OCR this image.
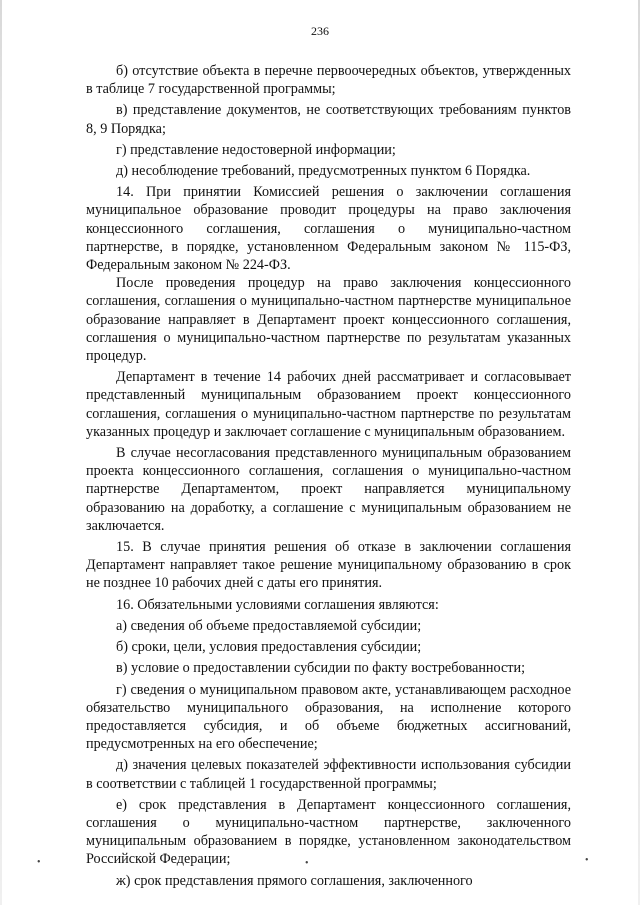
236

б) отсутствие объекта в перечне первоочередных объектов, утвержденных в таблице 7 государственной программы;

в) представление документов, не соответствующих требованиям пунктов 8, 9 Порядка;

г) представление недостоверной информации;

д) несоблюдение требований, предусмотренных пунктом 6 Порядка.

14. При принятии Комиссией решения о заключении соглашения муниципальное образование проводит процедуры на право заключения концессионного соглашения, соглашения о муниципально-частном партнерстве, в порядке, установленном Федеральным законом № 115-ФЗ, Федеральным законом № 224-ФЗ.

После проведения процедур на право заключения концессионного соглашения, соглашения о муниципально-частном партнерстве муниципальное образование направляет в Департамент проект концессионного соглашения, соглашения о муниципально-частном партнерстве по результатам указанных процедур.

Департамент в течение 14 рабочих дней рассматривает и согласовывает представленный муниципальным образованием проект концессионного соглашения, соглашения о муниципально-частном партнерстве по результатам указанных процедур и заключает соглашение с муниципальным образованием.

В случае несогласования представленного муниципальным образованием проекта концессионного соглашения, соглашения о муниципально-частном партнерстве Департаментом, проект направляется муниципальному образованию на доработку, а соглашение с муниципальным образованием не заключается.

15. В случае принятия решения об отказе в заключении соглашения Департамент направляет такое решение муниципальному образованию в срок не позднее 10 рабочих дней с даты его принятия.

16. Обязательными условиями соглашения являются:

а) сведения об объеме предоставляемой субсидии;

б) сроки, цели, условия предоставления субсидии;

в) условие о предоставлении субсидии по факту востребованности;

г) сведения о муниципальном правовом акте, устанавливающем расходное обязательство муниципального образования, на исполнение которого предоставляется субсидия, и об объеме бюджетных ассигнований, предусмотренных на его обеспечение;

д) значения целевых показателей эффективности использования субсидии в соответствии с таблицей 1 государственной программы;

е) срок представления в Департамент концессионного соглашения, соглашения о муниципально-частном партнерстве, заключенного муниципальным образованием в порядке, установленном законодательством Российской Федерации;

ж) срок представления прямого соглашения, заключенного

•	•	•
